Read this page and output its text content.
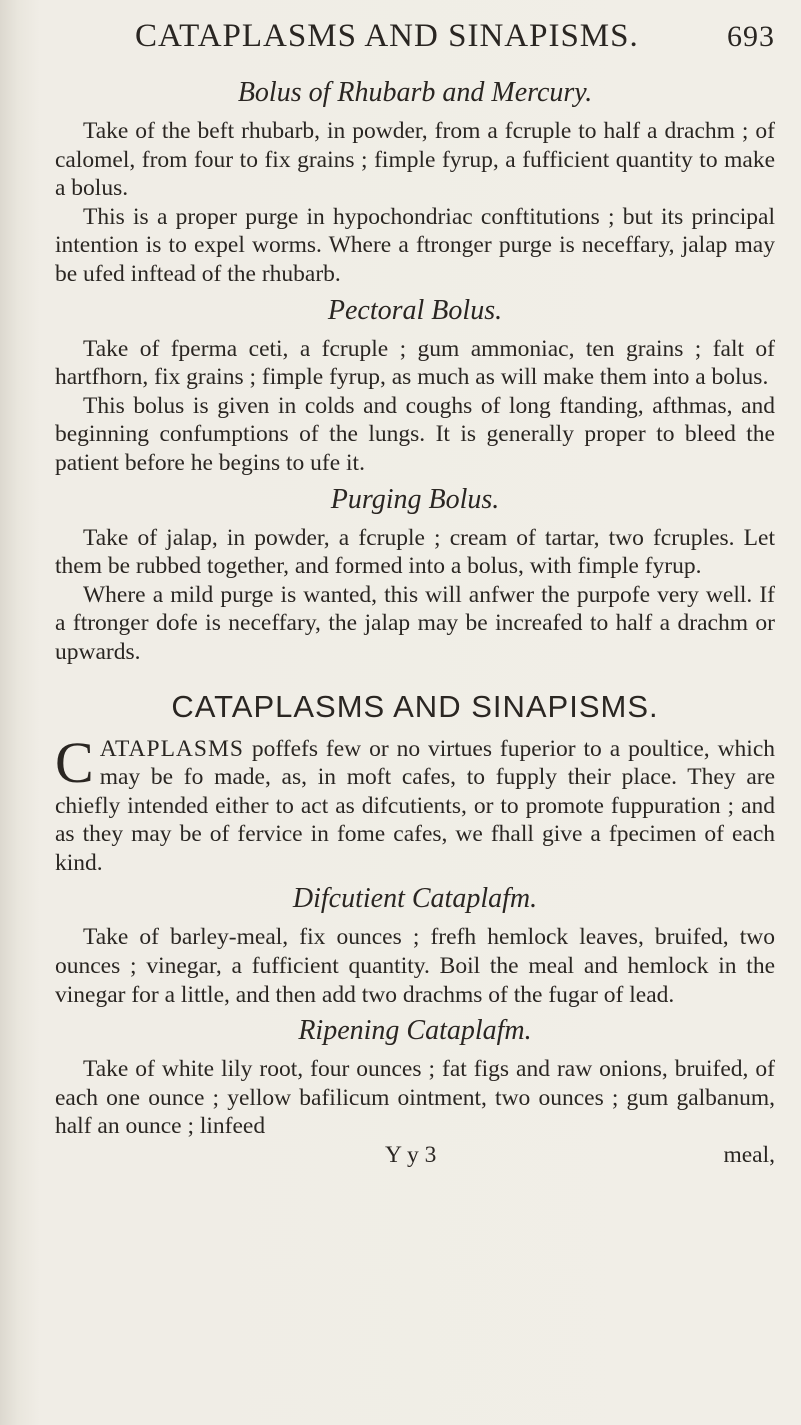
CATAPLASMS AND SINAPISMS.	693
Bolus of Rhubarb and Mercury.

Take of the beft rhubarb, in powder, from a fcruple to half a drachm ; of calomel, from four to fix grains ; fimple fyrup, a fufficient quantity to make a bolus.

This is a proper purge in hypochondriac conftitutions ; but its principal intention is to expel worms. Where a ftronger purge is neceffary, jalap may be ufed inftead of the rhubarb.

Pectoral Bolus.

Take of fperma ceti, a fcruple ; gum ammoniac, ten grains ; falt of hartfhorn, fix grains ; fimple fyrup, as much as will make them into a bolus.

This bolus is given in colds and coughs of long ftanding, afthmas, and beginning confumptions of the lungs. It is generally proper to bleed the patient before he begins to ufe it.

Purging Bolus.

Take of jalap, in powder, a fcruple ; cream of tartar, two fcruples. Let them be rubbed together, and formed into a bolus, with fimple fyrup.

Where a mild purge is wanted, this will anfwer the purpofe very well. If a ftronger dofe is neceffary, the jalap may be increafed to half a drachm or upwards.

CATAPLASMS AND SINAPISMS.

CATAPLASMS poffefs few or no virtues fuperior to a poultice, which may be fo made, as, in moft cafes, to fupply their place. They are chiefly intended either to act as difcutients, or to promote fuppuration ; and as they may be of fervice in fome cafes, we fhall give a fpecimen of each kind.

Difcutient Cataplafm.

Take of barley-meal, fix ounces ; frefh hemlock leaves, bruifed, two ounces ; vinegar, a fufficient quantity. Boil the meal and hemlock in the vinegar for a little, and then add two drachms of the fugar of lead.

Ripening Cataplafm.

Take of white lily root, four ounces ; fat figs and raw onions, bruifed, of each one ounce ; yellow bafilicum ointment, two ounces ; gum galbanum, half an ounce ; linfeed

Y y 3	meal,
